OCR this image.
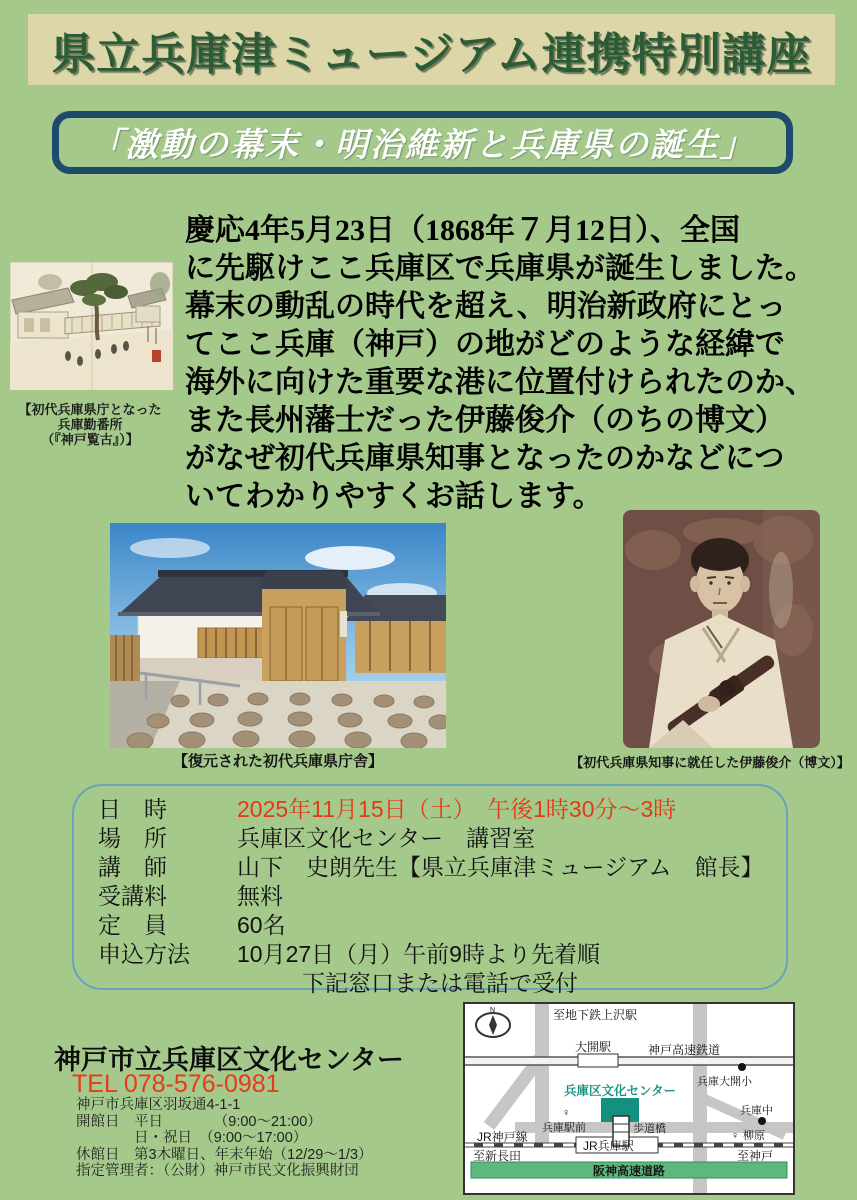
県立兵庫津ミュージアム連携特別講座
「激動の幕末・明治維新と兵庫県の誕生」
慶応4年5月23日（1868年７月12日）、全国
に先駆けここ兵庫区で兵庫県が誕生しました。
幕末の動乱の時代を超え、明治新政府にとっ
てここ兵庫（神戸）の地がどのような経緯で
海外に向けた重要な港に位置付けられたのか、
また長州藩士だった伊藤俊介（のちの博文）
がなぜ初代兵庫県知事となったのかなどにつ
いてわかりやすくお話します。
【初代兵庫県庁となった
兵庫勤番所
（『神戸覧古』）】
【復元された初代兵庫県庁舎】	【初代兵庫県知事に就任した伊藤俊介（博文）】
日　時	2025年11月15日（土）　午後1時30分～3時
場　所	兵庫区文化センター　講習室
講　師	山下　史朗先生【県立兵庫津ミュージアム　館長】
受講料	無料
定　員	60名
申込方法	10月27日（月）午前9時より先着順
下記窓口または電話で受付
神戸市立兵庫区文化センター
TEL 078-576-0981
神戸市兵庫区羽坂通4-1-1
開館日　平日　　　　（9:00～21:00）
　　　　日・祝日　（9:00～17:00）
休館日　第3木曜日、年末年始（12/29～1/3）
指定管理者：（公財）神戸市民文化振興財団
N	至地下鉄上沢駅
大開駅	神戸高速鉄道
兵庫大開小
兵庫区文化センター
♀
兵庫駅前	歩道橋
兵庫中
♀ 柳原
JR神戸線
JR兵庫駅
至新長田	至神戸
阪神高速道路
